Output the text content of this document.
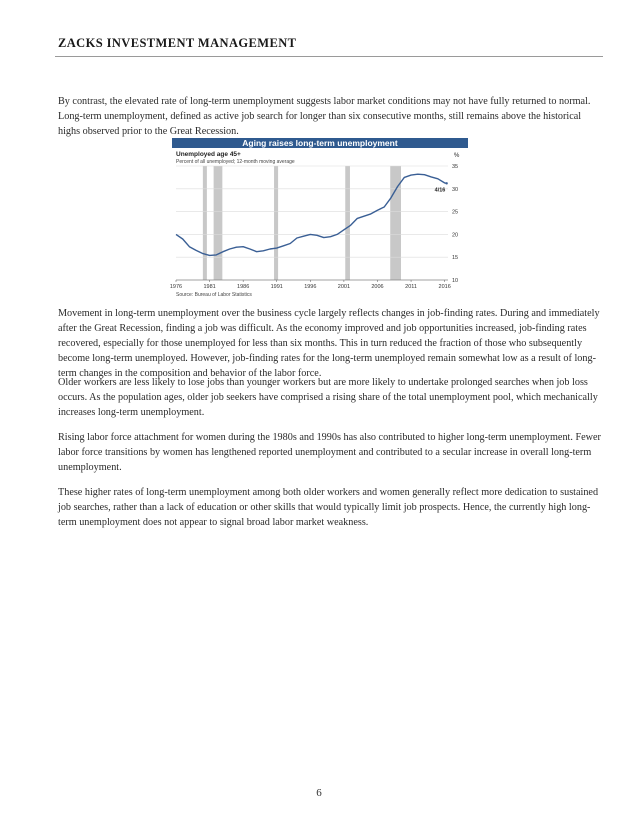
ZACKS INVESTMENT MANAGEMENT

By contrast, the elevated rate of long-term unemployment suggests labor market conditions may not have fully returned to normal. Long-term unemployment, defined as active job search for longer than six consecutive months, still remains above the historical highs observed prior to the Great Recession.

Aging raises long-term unemployment
Unemployed age 45+
Percent of all unemployed; 12-month moving average
%
10
15
20
25
30
35
1976	1981	1986	1991	1996	2001	2006	2011	2016
4/16
Source: Bureau of Labor Statistics

Movement in long-term unemployment over the business cycle largely reflects changes in job-finding rates. During and immediately after the Great Recession, finding a job was difficult. As the economy improved and job opportunities increased, job-finding rates recovered, especially for those unemployed for less than six months. This in turn reduced the fraction of those who subsequently become long-term unemployed. However, job-finding rates for the long-term unemployed remain somewhat low as a result of long-term changes in the composition and behavior of the labor force.

Older workers are less likely to lose jobs than younger workers but are more likely to undertake prolonged searches when job loss occurs. As the population ages, older job seekers have comprised a rising share of the total unemployment pool, which mechanically increases long-term unemployment.

Rising labor force attachment for women during the 1980s and 1990s has also contributed to higher long-term unemployment. Fewer labor force transitions by women has lengthened reported unemployment and contributed to a secular increase in overall long-term unemployment.

These higher rates of long-term unemployment among both older workers and women generally reflect more dedication to sustained job searches, rather than a lack of education or other skills that would typically limit job prospects. Hence, the currently high long-term unemployment does not appear to signal broad labor market weakness.

6
